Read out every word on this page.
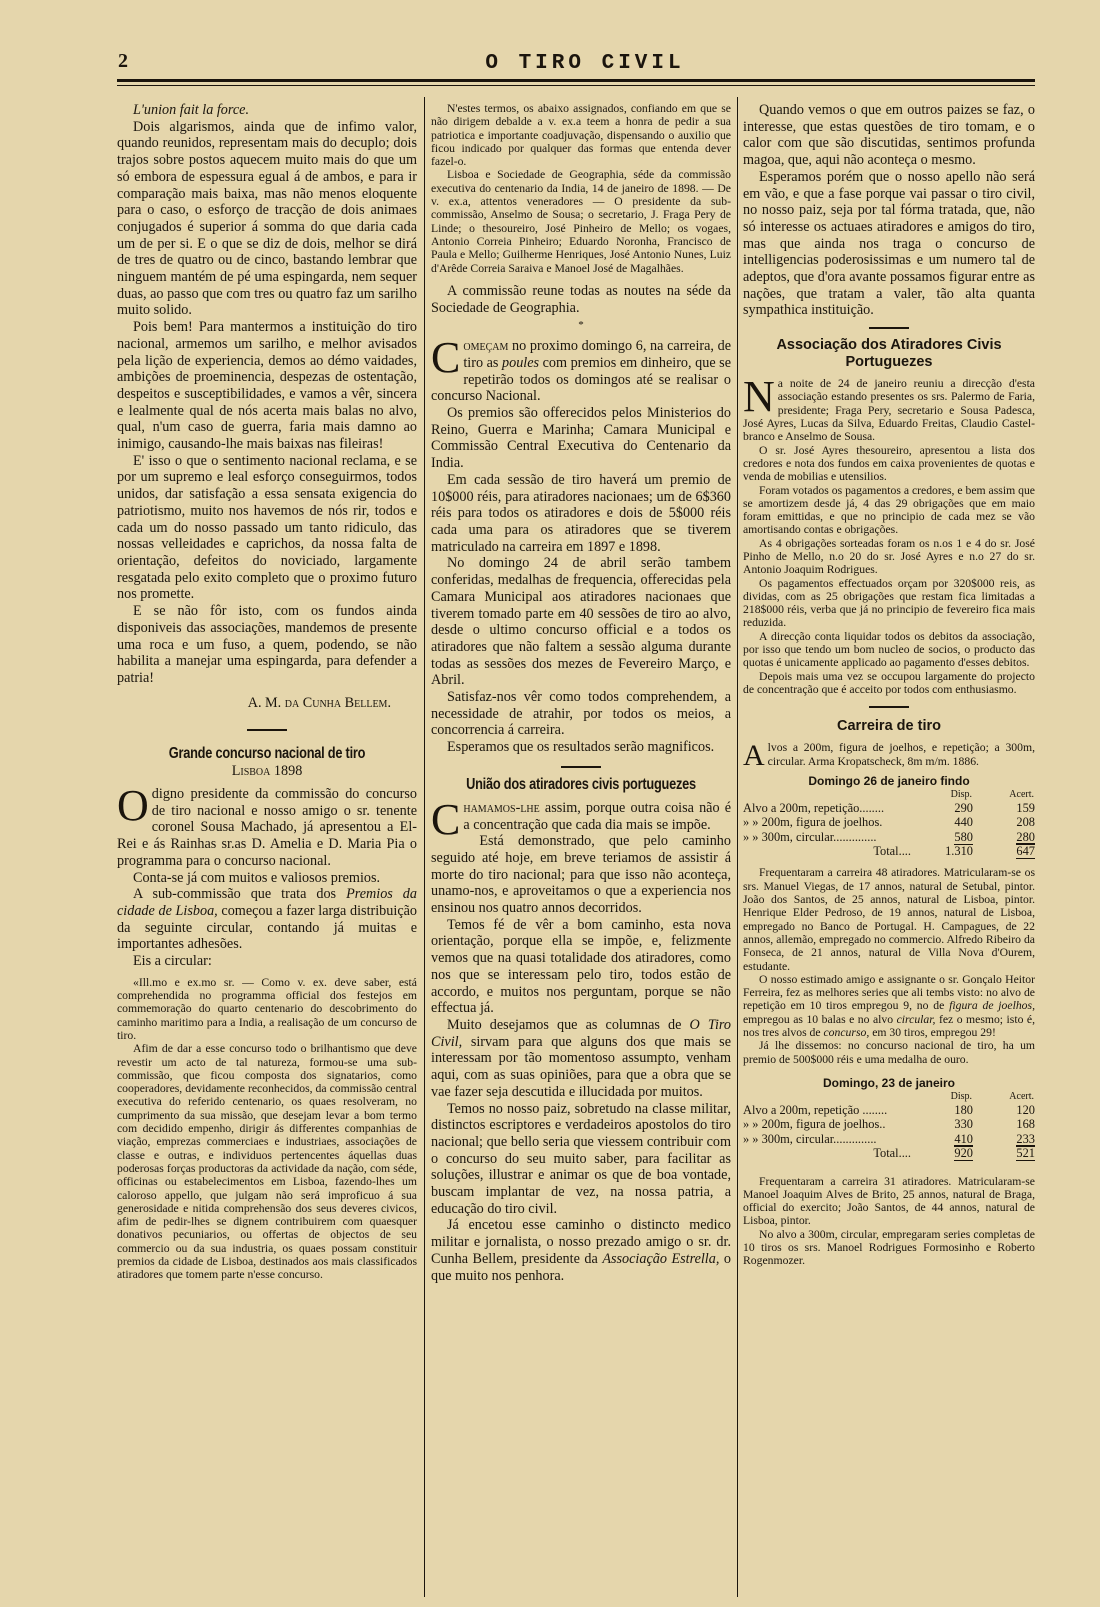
2	O TIRO CIVIL

L'union fait la force.

Dois algarismos, ainda que de infimo valor, quando reunidos, representam mais do decuplo; dois trajos sobre postos aquecem muito mais do que um só embora de espessura egual á de ambos, e para ir comparação mais baixa, mas não menos eloquente para o caso, o esforço de tracção de dois animaes conjugados é superior á somma do que daria cada um de per si. E o que se diz de dois, melhor se dirá de tres de quatro ou de cinco, bastando lembrar que ninguem mantém de pé uma espingarda, nem sequer duas, ao passo que com tres ou quatro faz um sarilho muito solido.

Pois bem! Para mantermos a instituição do tiro nacional, armemos um sarilho, e melhor avisados pela lição de experiencia, demos ao démo vaidades, ambições de proeminencia, despezas de ostentação, despeitos e susceptibilidades, e vamos a vêr, sincera e lealmente qual de nós acerta mais balas no alvo, qual, n'um caso de guerra, faria mais damno ao inimigo, causando-lhe mais baixas nas fileiras!

E' isso o que o sentimento nacional reclama, e se por um supremo e leal esforço conseguirmos, todos unidos, dar satisfação a essa sensata exigencia do patriotismo, muito nos havemos de nós rir, todos e cada um do nosso passado um tanto ridiculo, das nossas velleidades e caprichos, da nossa falta de orientação, defeitos do noviciado, largamente resgatada pelo exito completo que o proximo futuro nos promette.

E se não fôr isto, com os fundos ainda disponiveis das associações, mandemos de presente uma roca e um fuso, a quem, podendo, se não habilita a manejar uma espingarda, para defender a patria!

A. M. da Cunha Bellem.

Grande concurso nacional de tiro

Lisboa 1898

Odigno presidente da commissão do concurso de tiro nacional e nosso amigo o sr. tenente coronel Sousa Machado, já apresentou a El-Rei e ás Rainhas sr.as D. Amelia e D. Maria Pia o programma para o concurso nacional.

Conta-se já com muitos e valiosos premios.

A sub-commissão que trata dos Premios da cidade de Lisboa, começou a fazer larga distribuição da seguinte circular, contando já muitas e importantes adhesões.

Eis a circular:

«Ill.mo e ex.mo sr. — Como v. ex. deve saber, está comprehendida no programma official dos festejos em commemoração do quarto centenario do descobrimento do caminho maritimo para a India, a realisação de um concurso de tiro.

Afim de dar a esse concurso todo o brilhantismo que deve revestir um acto de tal natureza, formou-se uma sub-commissão, que ficou composta dos signatarios, como cooperadores, devidamente reconhecidos, da commissão central executiva do referido centenario, os quaes resolveram, no cumprimento da sua missão, que desejam levar a bom termo com decidido empenho, dirigir ás differentes companhias de viação, emprezas commerciaes e industriaes, associações de classe e outras, e individuos pertencentes áquellas duas poderosas forças productoras da actividade da nação, com séde, officinas ou estabelecimentos em Lisboa, fazendo-lhes um caloroso appello, que julgam não será improficuo á sua generosidade e nitida comprehensão dos seus deveres civicos, afim de pedir-lhes se dignem contribuirem com quaesquer donativos pecuniarios, ou offertas de objectos de seu commercio ou da sua industria, os quaes possam constituir premios da cidade de Lisboa, destinados aos mais classificados atiradores que tomem parte n'esse concurso.

N'estes termos, os abaixo assignados, confiando em que se não dirigem debalde a v. ex.a teem a honra de pedir a sua patriotica e importante coadjuvação, dispensando o auxilio que ficou indicado por qualquer das formas que entenda dever fazel-o.

Lisboa e Sociedade de Geographia, séde da commissão executiva do centenario da India, 14 de janeiro de 1898. — De v. ex.a, attentos veneradores — O presidente da sub-commissão, Anselmo de Sousa; o secretario, J. Fraga Pery de Linde; o thesoureiro, José Pinheiro de Mello; os vogaes, Antonio Correia Pinheiro; Eduardo Noronha, Francisco de Paula e Mello; Guilherme Henriques, José Antonio Nunes, Luiz d'Arêde Correia Saraiva e Manoel José de Magalhães.

A commissão reune todas as noutes na séde da Sociedade de Geographia.

*

Começam no proximo domingo 6, na carreira, de tiro as poules com premios em dinheiro, que se repetirão todos os domingos até se realisar o concurso Nacional.

Os premios são offerecidos pelos Ministerios do Reino, Guerra e Marinha; Camara Municipal e Commissão Central Executiva do Centenario da India.

Em cada sessão de tiro haverá um premio de 10$000 réis, para atiradores nacionaes; um de 6$360 réis para todos os atiradores e dois de 5$000 réis cada uma para os atiradores que se tiverem matriculado na carreira em 1897 e 1898.

No domingo 24 de abril serão tambem conferidas, medalhas de frequencia, offerecidas pela Camara Municipal aos atiradores nacionaes que tiverem tomado parte em 40 sessões de tiro ao alvo, desde o ultimo concurso official e a todos os atiradores que não faltem a sessão alguma durante todas as sessões dos mezes de Fevereiro Março, e Abril.

Satisfaz-nos vêr como todos comprehendem, a necessidade de atrahir, por todos os meios, a concorrencia á carreira.

Esperamos que os resultados serão magnificos.

União dos atiradores civis portuguezes

Chamamos-lhe assim, porque outra coisa não é a concentração que cada dia mais se impõe.

Está demonstrado, que pelo caminho seguido até hoje, em breve teriamos de assistir á morte do tiro nacional; para que isso não aconteça, unamo-nos, e aproveitamos o que a experiencia nos ensinou nos quatro annos decorridos.

Temos fé de vêr a bom caminho, esta nova orientação, porque ella se impõe, e, felizmente vemos que na quasi totalidade dos atiradores, como nos que se interessam pelo tiro, todos estão de accordo, e muitos nos perguntam, porque se não effectua já.

Muito desejamos que as columnas de O Tiro Civil, sirvam para que alguns dos que mais se interessam por tão momentoso assumpto, venham aqui, com as suas opiniões, para que a obra que se vae fazer seja descutida e illucidada por muitos.

Temos no nosso paiz, sobretudo na classe militar, distinctos escriptores e verdadeiros apostolos do tiro nacional; que bello seria que viessem contribuir com o concurso do seu muito saber, para facilitar as soluções, illustrar e animar os que de boa vontade, buscam implantar de vez, na nossa patria, a educação do tiro civil.

Já encetou esse caminho o distincto medico militar e jornalista, o nosso prezado amigo o sr. dr. Cunha Bellem, presidente da Associação Estrella, o que muito nos penhora.

Quando vemos o que em outros paizes se faz, o interesse, que estas questões de tiro tomam, e o calor com que são discutidas, sentimos profunda magoa, que, aqui não aconteça o mesmo.

Esperamos porém que o nosso apello não será em vão, e que a fase porque vai passar o tiro civil, no nosso paiz, seja por tal fórma tratada, que, não só interesse os actuaes atiradores e amigos do tiro, mas que ainda nos traga o concurso de intelligencias poderosissimas e um numero tal de adeptos, que d'ora avante possamos figurar entre as nações, que tratam a valer, tão alta quanta sympathica instituição.

Associação dos Atiradores Civis Portuguezes

Na noite de 24 de janeiro reuniu a direcção d'esta associação estando presentes os srs. Palermo de Faria, presidente; Fraga Pery, secretario e Sousa Padesca, José Ayres, Lucas da Silva, Eduardo Freitas, Claudio Castel-branco e Anselmo de Sousa.

O sr. José Ayres thesoureiro, apresentou a lista dos credores e nota dos fundos em caixa provenientes de quotas e venda de mobilias e utensilios.

Foram votados os pagamentos a credores, e bem assim que se amortizem desde já, 4 das 29 obrigações que em maio foram emittidas, e que no principio de cada mez se vão amortisando contas e obrigações.

As 4 obrigações sorteadas foram os n.os 1 e 4 do sr. José Pinho de Mello, n.o 20 do sr. José Ayres e n.o 27 do sr. Antonio Joaquim Rodrigues.

Os pagamentos effectuados orçam por 320$000 reis, as dividas, com as 25 obrigações que restam fica limitadas a 218$000 réis, verba que já no principio de fevereiro fica mais reduzida.

A direcção conta liquidar todos os debitos da associação, por isso que tendo um bom nucleo de socios, o producto das quotas é unicamente applicado ao pagamento d'esses debitos.

Depois mais uma vez se occupou largamente do projecto de concentração que é acceito por todos com enthusiasmo.

Carreira de tiro

Alvos a 200m, figura de joelhos, e repetição; a 300m, circular. Arma Kropatscheck, 8m m/m. 1886.

Domingo 26 de janeiro findo

	Disp.	Acert.
Alvo a 200m, repetição........	290	159
» » 200m, figura de joelhos.	440	208
» » 300m, circular..............	580	280
Total....	1.310	647

Frequentaram a carreira 48 atiradores. Matricularam-se os srs. Manuel Viegas, de 17 annos, natural de Setubal, pintor. João dos Santos, de 25 annos, natural de Lisboa, pintor. Henrique Elder Pedroso, de 19 annos, natural de Lisboa, empregado no Banco de Portugal. H. Campagues, de 22 annos, allemão, empregado no commercio. Alfredo Ribeiro da Fonseca, de 21 annos, natural de Villa Nova d'Ourem, estudante.

O nosso estimado amigo e assignante o sr. Gonçalo Heitor Ferreira, fez as melhores series que ali tembs visto: no alvo de repetição em 10 tiros empregou 9, no de figura de joelhos, empregou as 10 balas e no alvo circular, fez o mesmo; isto é, nos tres alvos de concurso, em 30 tiros, empregou 29!

Já lhe dissemos: no concurso nacional de tiro, ha um premio de 500$000 réis e uma medalha de ouro.

Domingo, 23 de janeiro

	Disp.	Acert.
Alvo a 200m, repetição ........	180	120
» » 200m, figura de joelhos..	330	168
» » 300m, circular..............	410	233
Total....	920	521

Frequentaram a carreira 31 atiradores. Matricularam-se Manoel Joaquim Alves de Brito, 25 annos, natural de Braga, official do exercito; João Santos, de 44 annos, natural de Lisboa, pintor.

No alvo a 300m, circular, empregaram series completas de 10 tiros os srs. Manoel Rodrigues Formosinho e Roberto Rogenmozer.
